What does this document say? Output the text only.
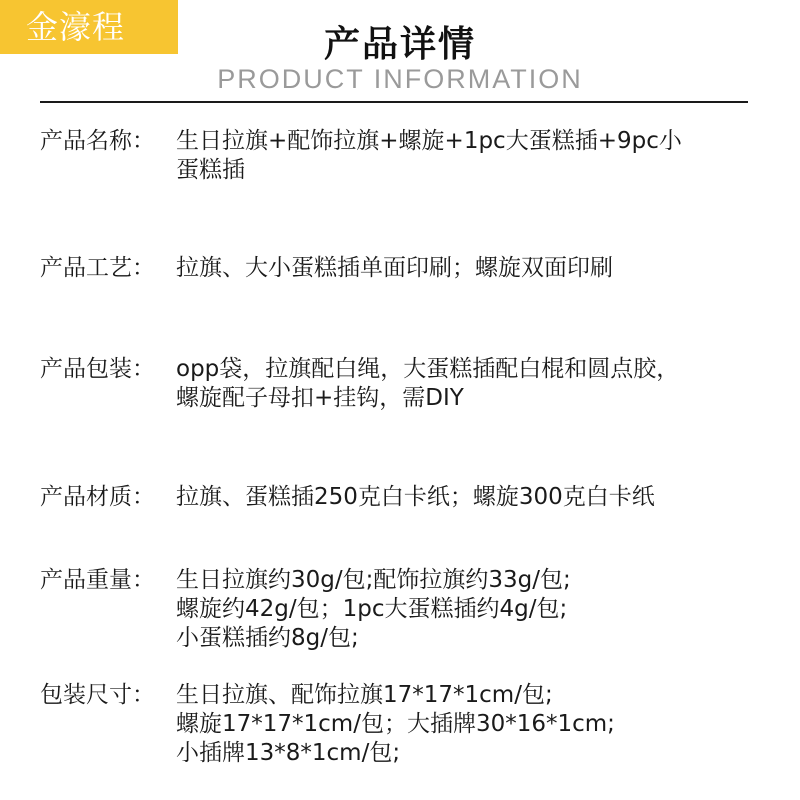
金濠程	产品详情
PRODUCT INFORMATION
产品名称： 生日拉旗+配饰拉旗+螺旋+1pc大蛋糕插+9pc小
蛋糕插
产品工艺： 拉旗、大小蛋糕插单面印刷；螺旋双面印刷
产品包装： opp袋，拉旗配白绳，大蛋糕插配白棍和圆点胶，
螺旋配子母扣+挂钩，需DIY
产品材质： 拉旗、蛋糕插250克白卡纸；螺旋300克白卡纸
产品重量： 生日拉旗约30g/包;配饰拉旗约33g/包;
螺旋约42g/包；1pc大蛋糕插约4g/包;
小蛋糕插约8g/包;
包装尺寸： 生日拉旗、配饰拉旗17*17*1cm/包;
螺旋17*17*1cm/包；大插牌30*16*1cm;
小插牌13*8*1cm/包;
